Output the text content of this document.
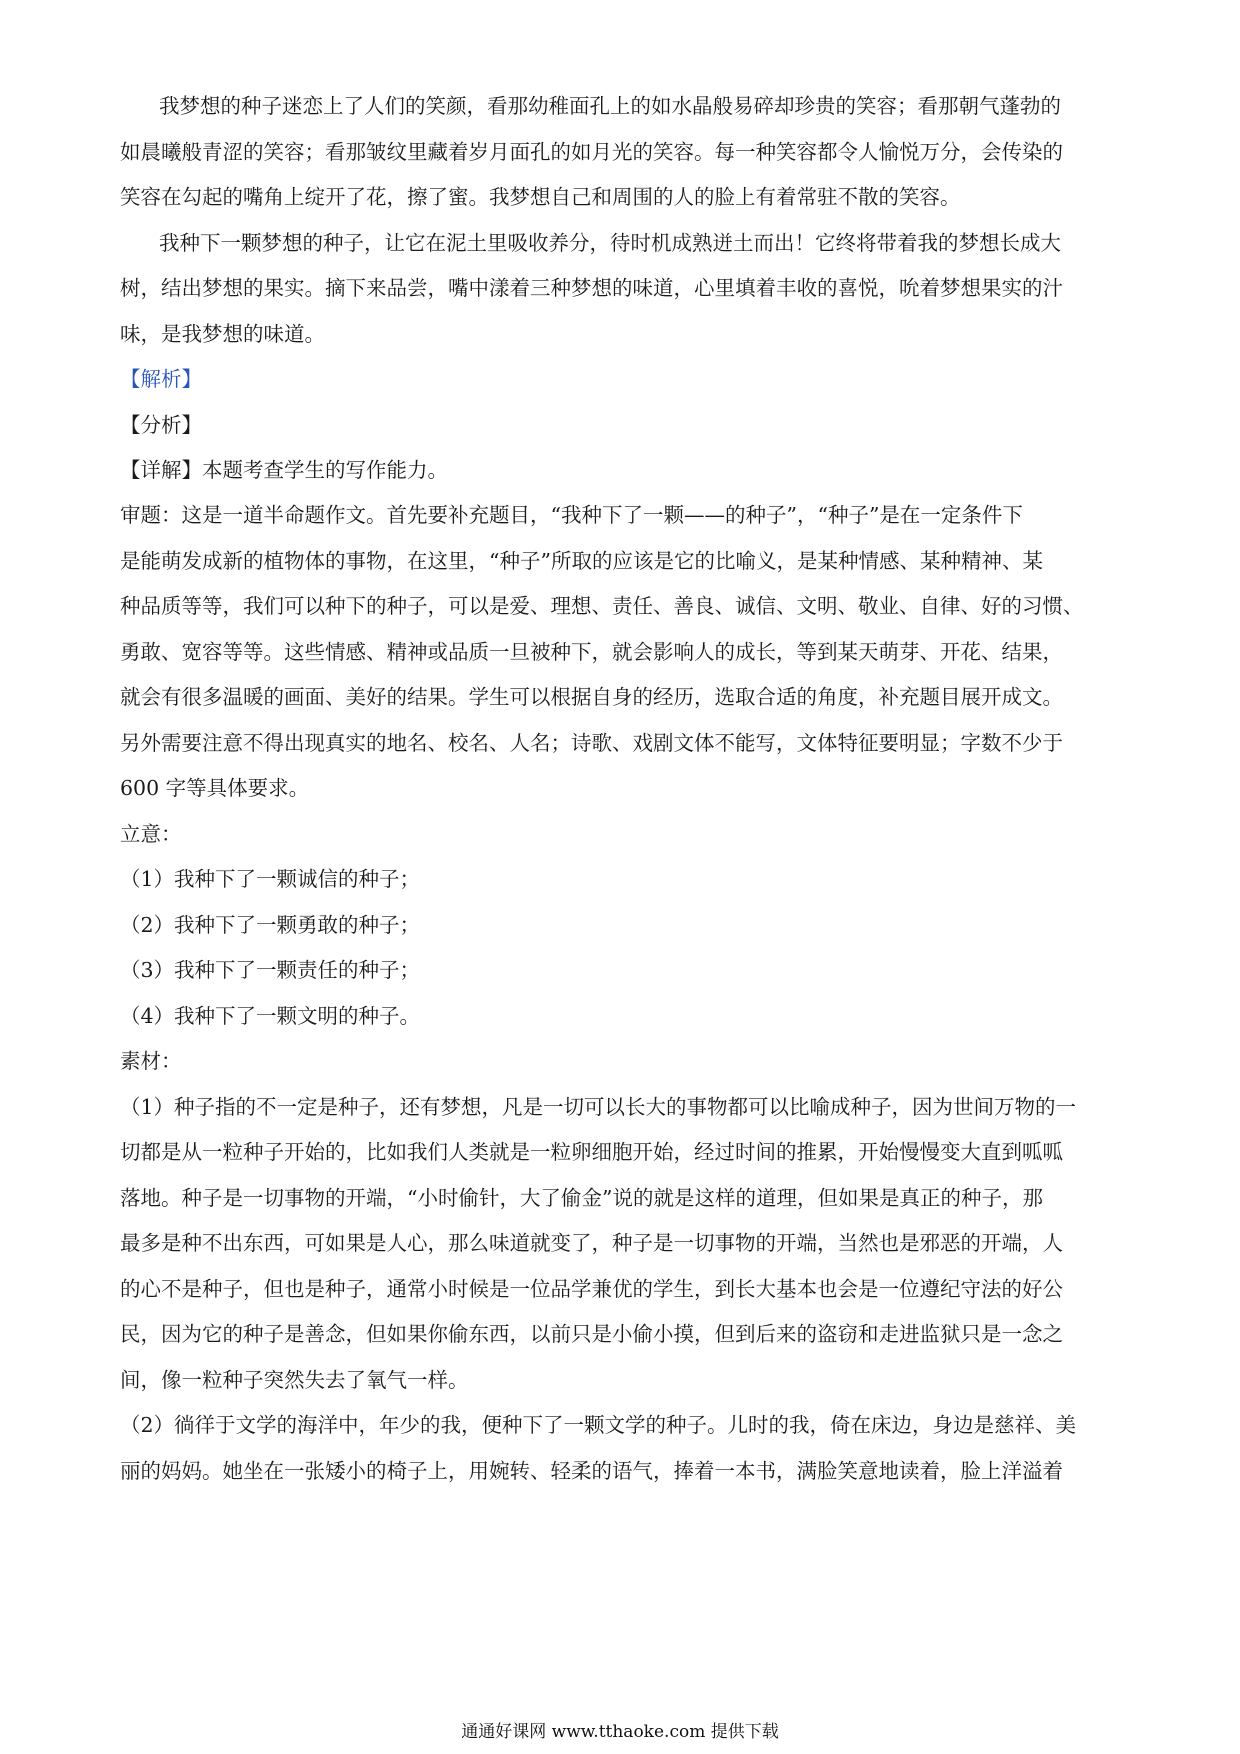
我梦想的种子迷恋上了人们的笑颜，看那幼稚面孔上的如水晶般易碎却珍贵的笑容；看那朝气蓬勃的
如晨曦般青涩的笑容；看那皱纹里藏着岁月面孔的如月光的笑容。每一种笑容都令人愉悦万分，会传染的
笑容在勾起的嘴角上绽开了花，擦了蜜。我梦想自己和周围的人的脸上有着常驻不散的笑容。
我种下一颗梦想的种子，让它在泥土里吸收养分，待时机成熟迸土而出！它终将带着我的梦想长成大
树，结出梦想的果实。摘下来品尝，嘴中漾着三种梦想的味道，心里填着丰收的喜悦，吮着梦想果实的汁
味，是我梦想的味道。
【解析】
【分析】
【详解】本题考查学生的写作能力。
审题：这是一道半命题作文。首先要补充题目，“我种下了一颗——的种子”，“种子”是在一定条件下
是能萌发成新的植物体的事物，在这里，“种子”所取的应该是它的比喻义，是某种情感、某种精神、某
种品质等等，我们可以种下的种子，可以是爱、理想、责任、善良、诚信、文明、敬业、自律、好的习惯、
勇敢、宽容等等。这些情感、精神或品质一旦被种下，就会影响人的成长，等到某天萌芽、开花、结果，
就会有很多温暖的画面、美好的结果。学生可以根据自身的经历，选取合适的角度，补充题目展开成文。
另外需要注意不得出现真实的地名、校名、人名；诗歌、戏剧文体不能写，文体特征要明显；字数不少于
600 字等具体要求。
立意：
（1）我种下了一颗诚信的种子；
（2）我种下了一颗勇敢的种子；
（3）我种下了一颗责任的种子；
（4）我种下了一颗文明的种子。
素材：
（1）种子指的不一定是种子，还有梦想，凡是一切可以长大的事物都可以比喻成种子，因为世间万物的一
切都是从一粒种子开始的，比如我们人类就是一粒卵细胞开始，经过时间的推累，开始慢慢变大直到呱呱
落地。种子是一切事物的开端，“小时偷针，大了偷金”说的就是这样的道理，但如果是真正的种子，那
最多是种不出东西，可如果是人心，那么味道就变了，种子是一切事物的开端，当然也是邪恶的开端，人
的心不是种子，但也是种子，通常小时候是一位品学兼优的学生，到长大基本也会是一位遵纪守法的好公
民，因为它的种子是善念，但如果你偷东西，以前只是小偷小摸，但到后来的盗窃和走进监狱只是一念之
间，像一粒种子突然失去了氧气一样。
（2）徜徉于文学的海洋中，年少的我，便种下了一颗文学的种子。儿时的我，倚在床边，身边是慈祥、美
丽的妈妈。她坐在一张矮小的椅子上，用婉转、轻柔的语气，捧着一本书，满脸笑意地读着，脸上洋溢着
通通好课网 www.tthaoke.com 提供下载
